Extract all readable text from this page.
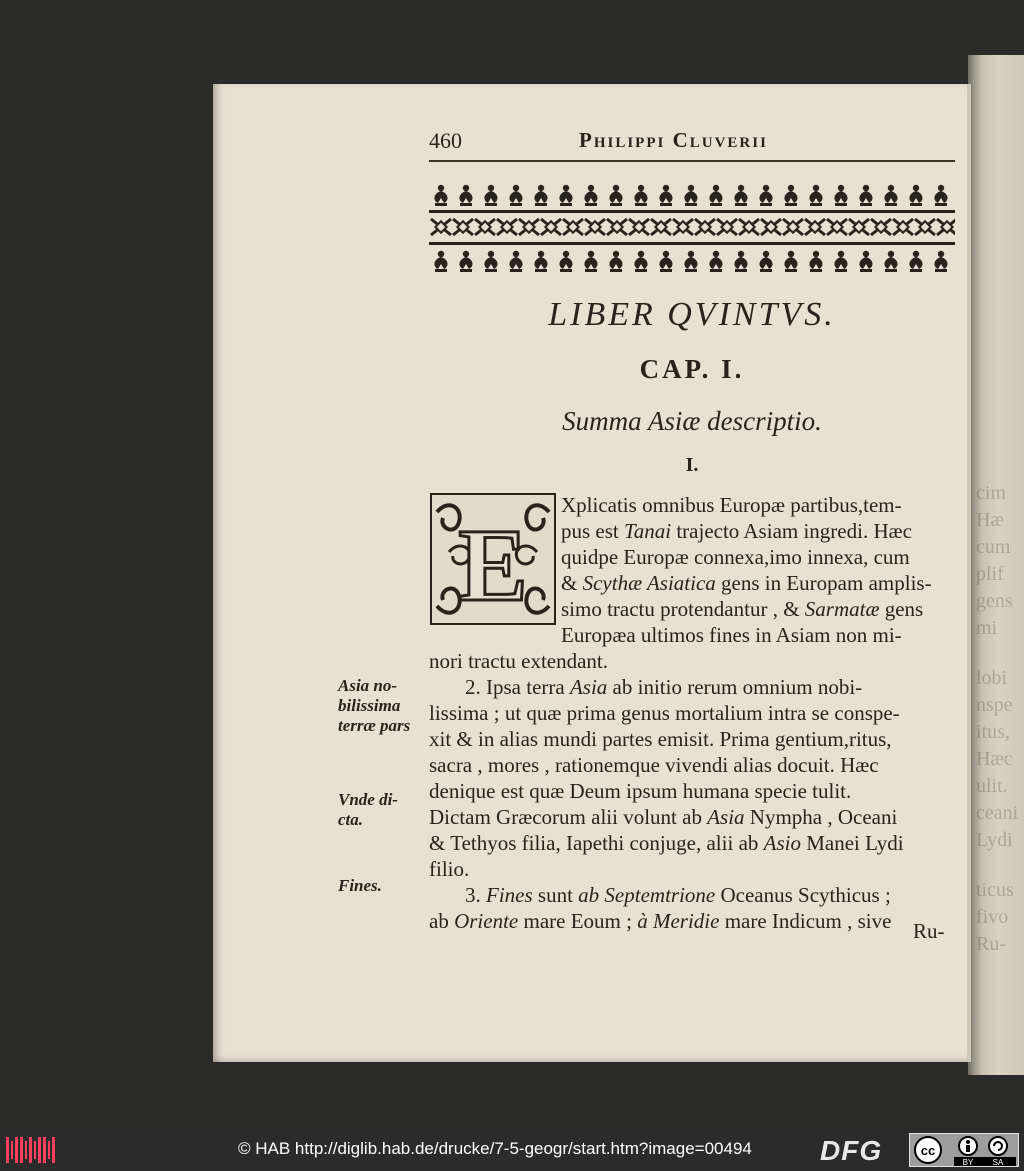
cim
Hæ
cum
plif
gens
mi
lobi
nspe
itus,
Hæc
ulit.
ceani
Lydi
ticus
fivo
Ru-
460	Philippi Cluverii
LIBER QVINTVS.
CAP. I.
Summa Asiæ descriptio.
I.
E
Xplicatis omnibus Europæ partibus,tem-
pus est Tanai trajecto Asiam ingredi. Hæc
quidpe Europæ connexa,imo innexa, cum
& Scythæ Asiatica gens in Europam amplis-
simo tractu protendantur , & Sarmatæ gens
Europæa ultimos fines in Asiam non mi-
nori tractu extendant.
2. Ipsa terra Asia ab initio rerum omnium nobi-
lissima ; ut quæ prima genus mortalium intra se conspe-
xit & in alias mundi partes emisit. Prima gentium,ritus,
sacra , mores , rationemque vivendi alias docuit. Hæc
denique est quæ Deum ipsum humana specie tulit.
Dictam Græcorum alii volunt ab Asia Nympha , Oceani
& Tethyos filia, Iapethi conjuge, alii ab Asio Manei Lydi
filio.
3. Fines sunt ab Septemtrione Oceanus Scythicus ;
ab Oriente mare Eoum ; à Meridie mare Indicum , sive Ru-
Asia no-
bilissima
terræ pars
Vnde di-
cta.
Fines.
© HAB http://diglib.hab.de/drucke/7-5-geogr/start.htm?image=00494 DFG	cc
BY SA
